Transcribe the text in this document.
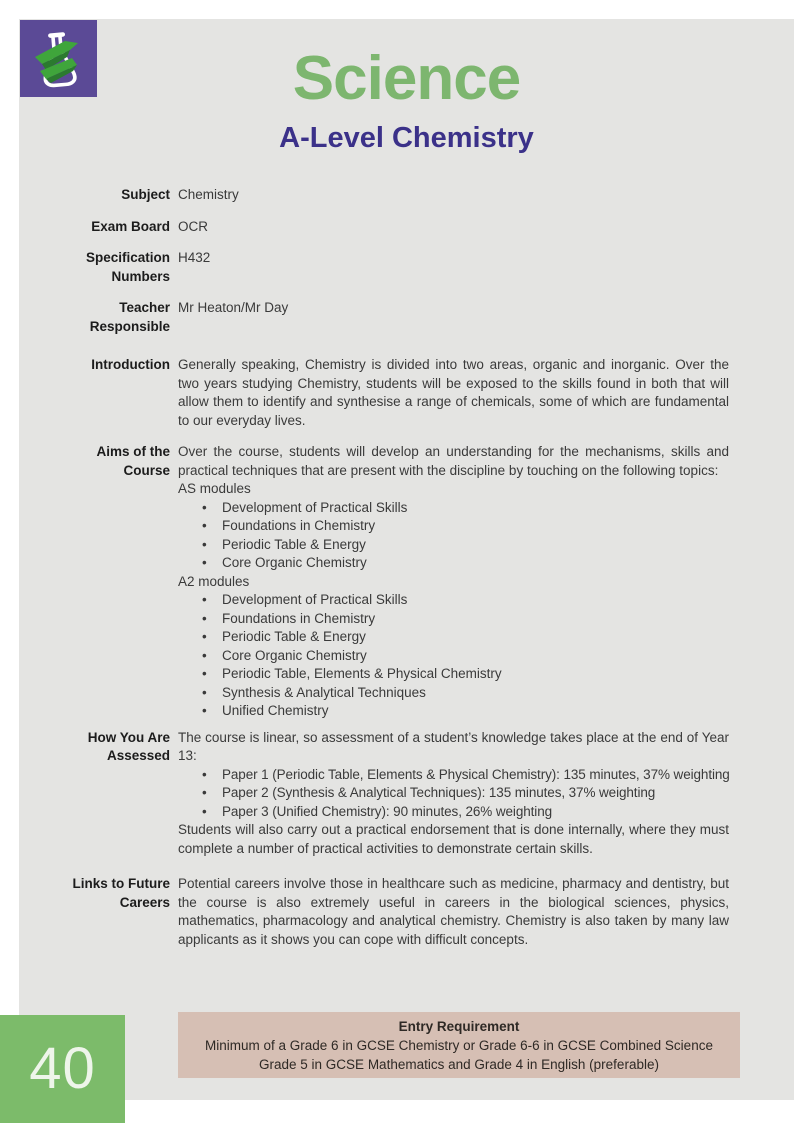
Science
A-Level Chemistry
Subject Chemistry
Exam Board OCR
Specification Numbers
H432
Teacher Responsible
Mr Heaton/Mr Day
Introduction Generally speaking, Chemistry is divided into two areas, organic and inorganic. Over the two years studying Chemistry, students will be exposed to the skills found in both that will allow them to identify and synthesise a range of chemicals, some of which are fundamental to our everyday lives.

Aims of the Course

Over the course, students will develop an understanding for the mechanisms, skills and practical techniques that are present with the discipline by touching on the following topics:

AS modules

• Development of Practical Skills
• Foundations in Chemistry
• Periodic Table & Energy
• Core Organic Chemistry

A2 modules

• Development of Practical Skills
• Foundations in Chemistry
• Periodic Table & Energy
• Core Organic Chemistry
• Periodic Table, Elements & Physical Chemistry
• Synthesis & Analytical Techniques
• Unified Chemistry
How You Are Assessed

The course is linear, so assessment of a student’s knowledge takes place at the end of Year 13:

• Paper 1 (Periodic Table, Elements & Physical Chemistry): 135 minutes, 37% weighting
• Paper 2 (Synthesis & Analytical Techniques): 135 minutes, 37% weighting
• Paper 3 (Unified Chemistry): 90 minutes, 26% weighting

Students will also carry out a practical endorsement that is done internally, where they must complete a number of practical activities to demonstrate certain skills.

Links to Future Careers

Potential careers involve those in healthcare such as medicine, pharmacy and dentistry, but the course is also extremely useful in careers in the biological sciences, physics, mathematics, pharmacology and analytical chemistry. Chemistry is also taken by many law applicants as it shows you can cope with difficult concepts.

Entry Requirement
Minimum of a Grade 6 in GCSE Chemistry or Grade 6-6 in GCSE Combined Science
Grade 5 in GCSE Mathematics and Grade 4 in English (preferable)
40
